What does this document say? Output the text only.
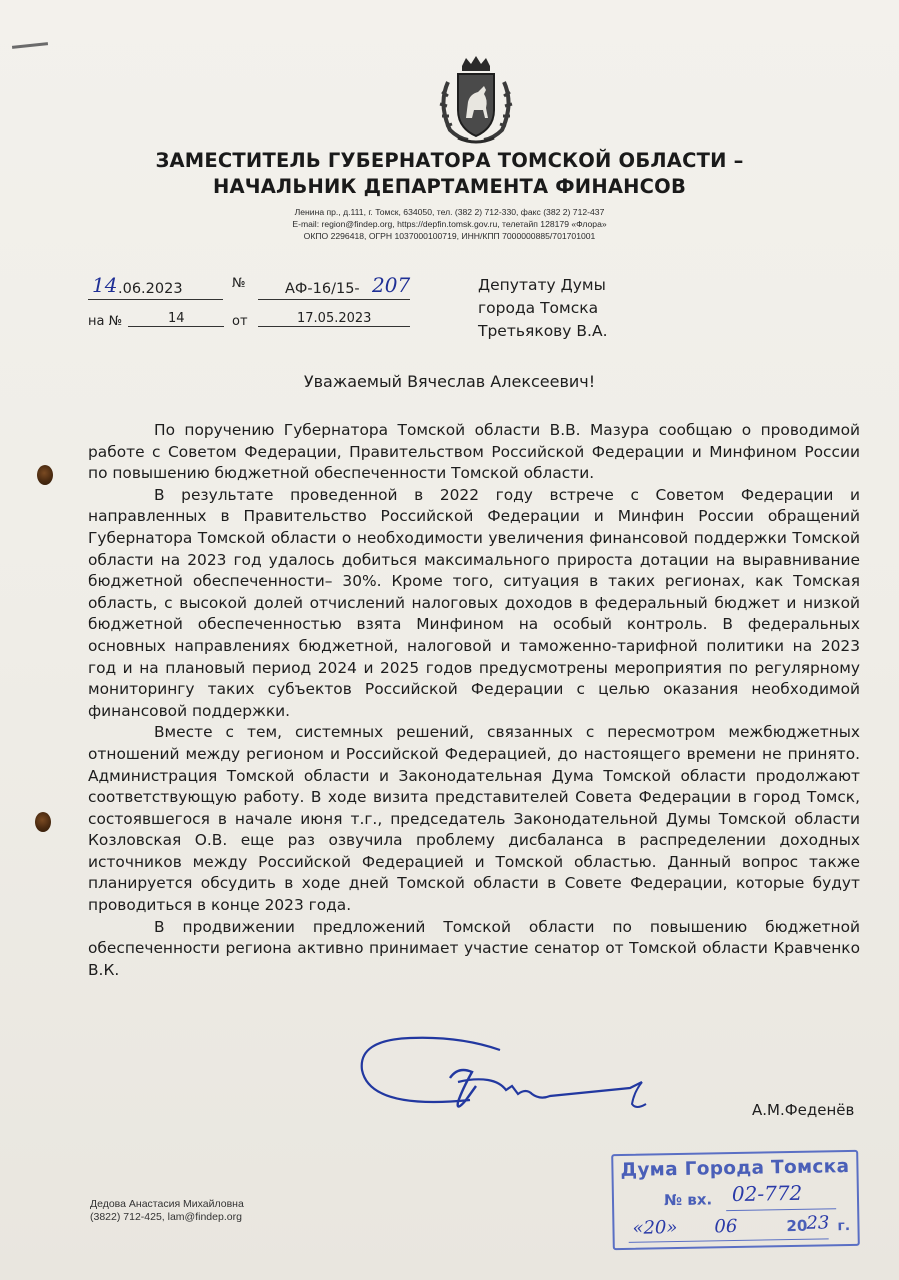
ЗАМЕСТИТЕЛЬ ГУБЕРНАТОРА ТОМСКОЙ ОБЛАСТИ –
НАЧАЛЬНИК ДЕПАРТАМЕНТА ФИНАНСОВ
Ленина пр., д.111, г. Томск, 634050, тел. (382 2) 712-330, факс (382 2) 712-437
E-mail: region@findep.org, https://depfin.tomsk.gov.ru, телетайп 128179 «Флора»
ОКПО 2296418, ОГРН 1037000100719, ИНН/КПП 7000000885/701701001
14 .06.2023	№	АФ-16/15- 207
на №	14	от	17.05.2023
Депутату Думы
города Томска
Третьякову В.А.
Уважаемый Вячеслав Алексеевич!

По поручению Губернатора Томской области В.В. Мазура сообщаю о проводимой работе с Советом Федерации, Правительством Российской Федерации и Минфином России по повышению бюджетной обеспеченности Томской области.

В результате проведенной в 2022 году встрече с Советом Федерации и направленных в Правительство Российской Федерации и Минфин России обращений Губернатора Томской области о необходимости увеличения финансовой поддержки Томской области на 2023 год удалось добиться максимального прироста дотации на выравнивание бюджетной обеспеченности– 30%. Кроме того, ситуация в таких регионах, как Томская область, с высокой долей отчислений налоговых доходов в федеральный бюджет и низкой бюджетной обеспеченностью взята Минфином на особый контроль. В федеральных основных направлениях бюджетной, налоговой и таможенно-тарифной политики на 2023 год и на плановый период 2024 и 2025 годов предусмотрены мероприятия по регулярному мониторингу таких субъектов Российской Федерации с целью оказания необходимой финансовой поддержки.

Вместе с тем, системных решений, связанных с пересмотром межбюджетных отношений между регионом и Российской Федерацией, до настоящего времени не принято. Администрация Томской области и Законодательная Дума Томской области продолжают соответствующую работу. В ходе визита представителей Совета Федерации в город Томск, состоявшегося в начале июня т.г., председатель Законодательной Думы Томской области Козловская О.В. еще раз озвучила проблему дисбаланса в распределении доходных источников между Российской Федерацией и Томской областью. Данный вопрос также планируется обсудить в ходе дней Томской области в Совете Федерации, которые будут проводиться в конце 2023 года.

В продвижении предложений Томской области по повышению бюджетной обеспеченности региона активно принимает участие сенатор от Томской области Кравченко В.К.

А.М.Феденёв
Дедова Анастасия Михайловна
(3822) 712-425, lam@findep.org
Дума Города Томска
№ вх. 02-772
«20» 06	20
23 г.
